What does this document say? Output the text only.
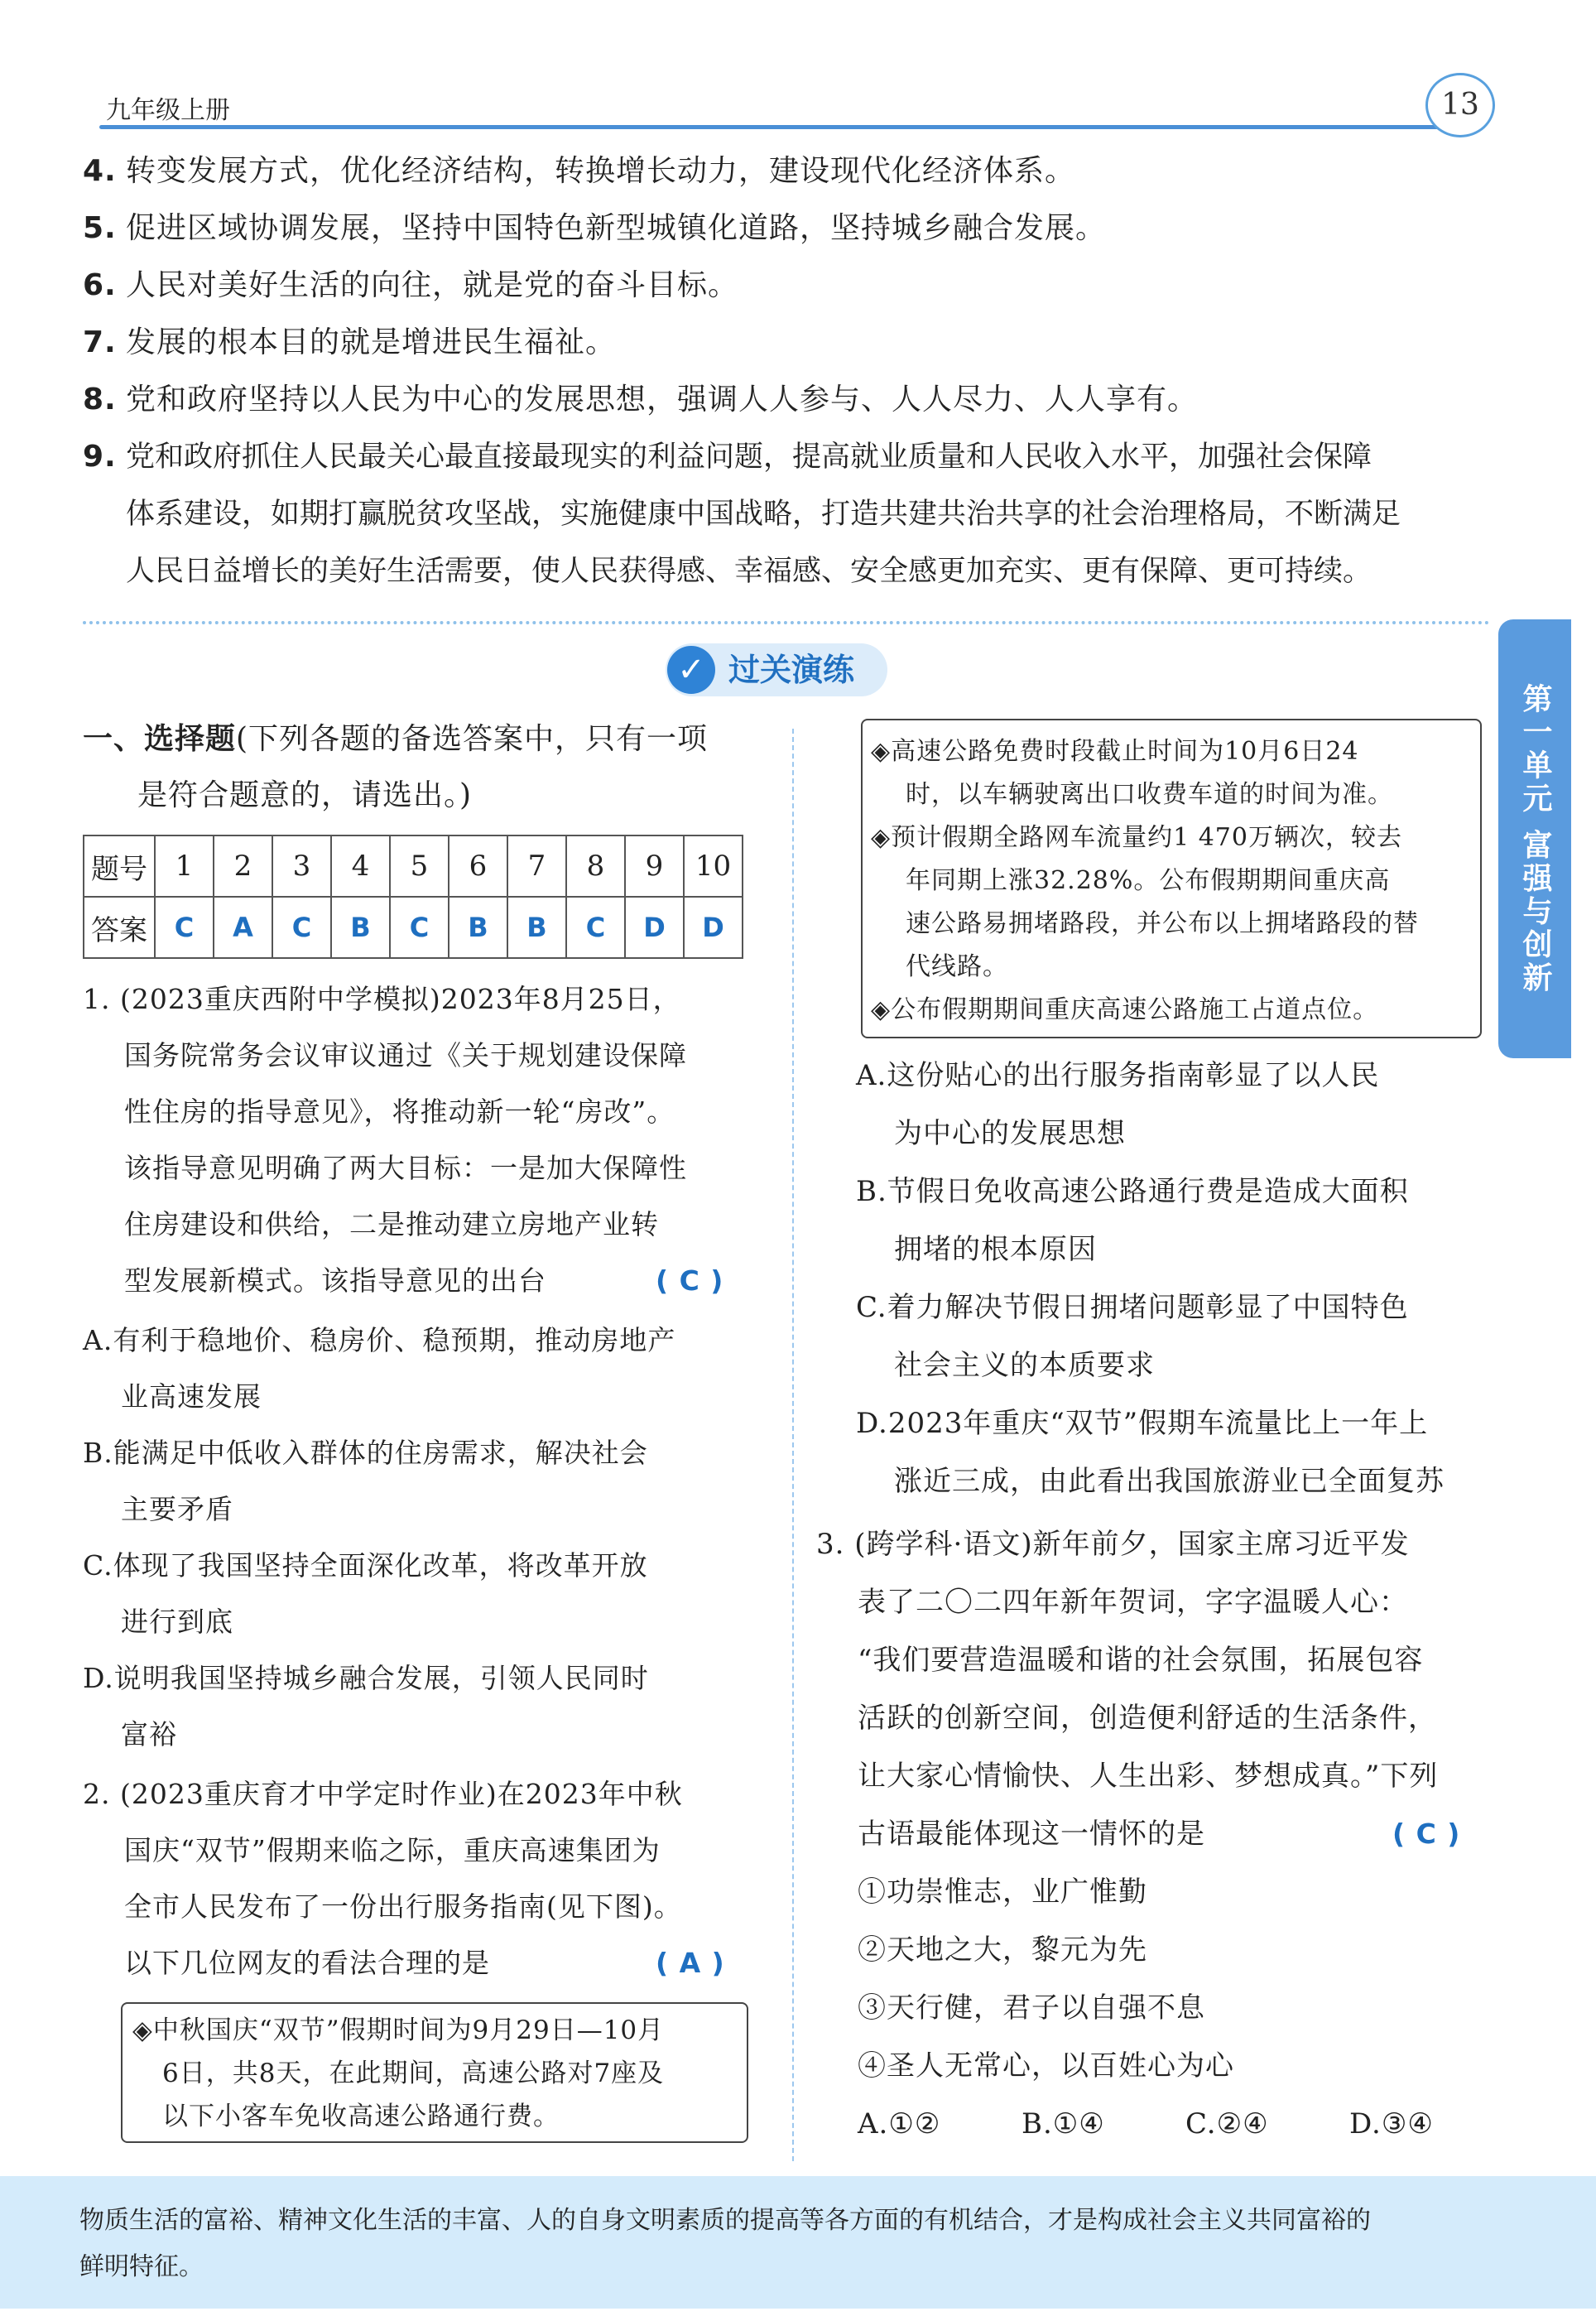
九年级上册	13
4. 转变发展方式，优化经济结构，转换增长动力，建设现代化经济体系。
5. 促进区域协调发展，坚持中国特色新型城镇化道路，坚持城乡融合发展。
6. 人民对美好生活的向往，就是党的奋斗目标。
7. 发展的根本目的就是增进民生福祉。
8. 党和政府坚持以人民为中心的发展思想，强调人人参与、人人尽力、人人享有。
9. 党和政府抓住人民最关心最直接最现实的利益问题，提高就业质量和人民收入水平，加强社会保障
体系建设，如期打赢脱贫攻坚战，实施健康中国战略，打造共建共治共享的社会治理格局，不断满足
人民日益增长的美好生活需要，使人民获得感、幸福感、安全感更加充实、更有保障、更可持续。
过关演练
✓
第一单元 富强与创新
一、选择题(下列各题的备选答案中，只有一项
是符合题意的，请选出。)
题号	1	2	3	4	5	6	7	8	9	10
答案	C	A	C	B	C	B	B	C	D	D
1. (2023重庆西附中学模拟)2023年8月25日，
国务院常务会议审议通过《关于规划建设保障
性住房的指导意见》，将推动新一轮“房改”。
该指导意见明确了两大目标：一是加大保障性
住房建设和供给，二是推动建立房地产业转
型发展新模式。该指导意见的出台	( C )
A.有利于稳地价、稳房价、稳预期，推动房地产
业高速发展
B.能满足中低收入群体的住房需求，解决社会
主要矛盾
C.体现了我国坚持全面深化改革，将改革开放
进行到底
D.说明我国坚持城乡融合发展，引领人民同时
富裕
2. (2023重庆育才中学定时作业)在2023年中秋
国庆“双节”假期来临之际，重庆高速集团为
全市人民发布了一份出行服务指南(见下图)。
以下几位网友的看法合理的是	( A )
◈中秋国庆“双节”假期时间为9月29日—10月
6日，共8天，在此期间，高速公路对7座及
以下小客车免收高速公路通行费。
◈高速公路免费时段截止时间为10月6日24
时，以车辆驶离出口收费车道的时间为准。
◈预计假期全路网车流量约1 470万辆次，较去
年同期上涨32.28%。公布假期期间重庆高
速公路易拥堵路段，并公布以上拥堵路段的替
代线路。
◈公布假期期间重庆高速公路施工占道点位。
A.这份贴心的出行服务指南彰显了以人民
为中心的发展思想
B.节假日免收高速公路通行费是造成大面积
拥堵的根本原因
C.着力解决节假日拥堵问题彰显了中国特色
社会主义的本质要求
D.2023年重庆“双节”假期车流量比上一年上
涨近三成，由此看出我国旅游业已全面复苏
3. (跨学科·语文)新年前夕，国家主席习近平发
表了二〇二四年新年贺词，字字温暖人心：
“我们要营造温暖和谐的社会氛围，拓展包容
活跃的创新空间，创造便利舒适的生活条件，
让大家心情愉快、人生出彩、梦想成真。”下列
古语最能体现这一情怀的是	( C )
①功崇惟志，业广惟勤
②天地之大，黎元为先
③天行健，君子以自强不息
④圣人无常心，以百姓心为心
A.①②	B.①④	C.②④	D.③④
物质生活的富裕、精神文化生活的丰富、人的自身文明素质的提高等各方面的有机结合，才是构成社会主义共同富裕的
鲜明特征。
